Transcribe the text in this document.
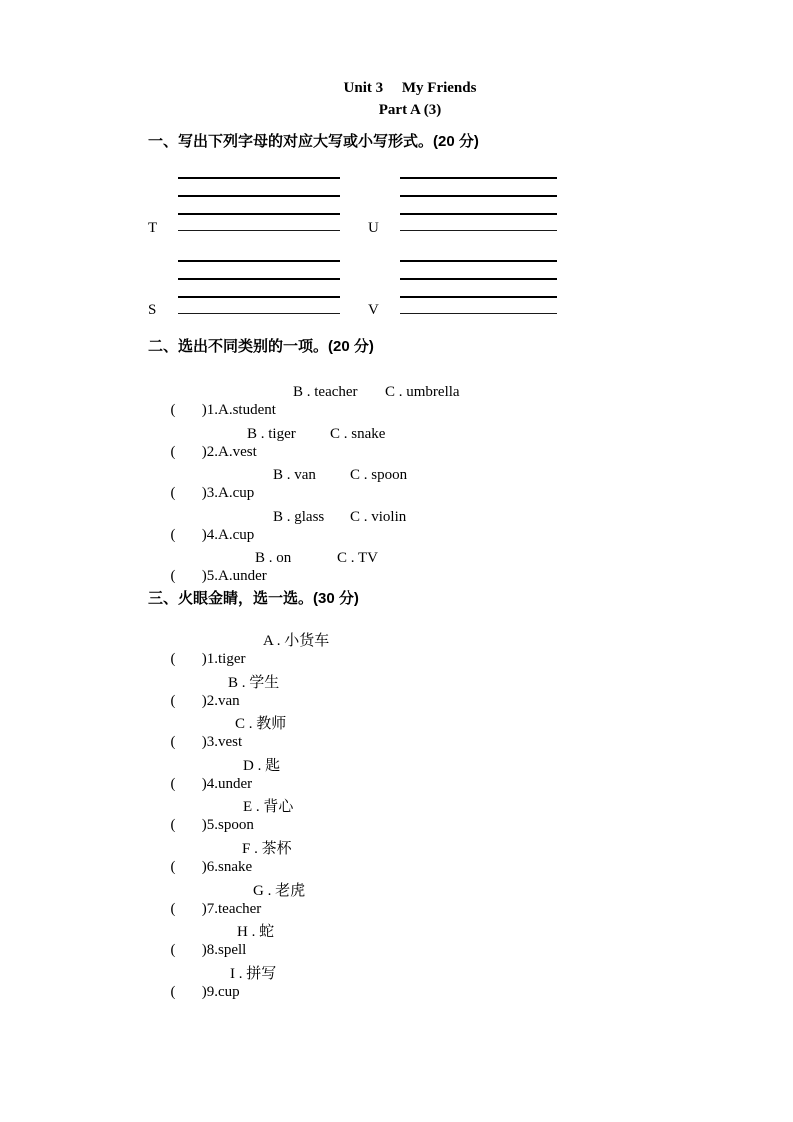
Unit 3     My Friends
Part A (3)
一、写出下列字母的对应大写或小写形式。(20 分)
T	U
S	V
二、选出不同类别的一项。(20 分)

(       )1.A.student

B . teacher

C . umbrella

(       )2.A.vest

B . tiger

C . snake

(       )3.A.cup

B . van

C . spoon

(       )4.A.cup

B . glass

C . violin

(       )5.A.under

B . on

	C . TV

三、火眼金睛，选一选。(30 分)

(       )1.tiger

A . 小货车

(       )2.van

B . 学生

(       )3.vest

C . 教师

(       )4.under

D . 匙

(       )5.spoon

E . 背心

(       )6.snake

F . 茶杯

(       )7.teacher

G . 老虎

(       )8.spell

H . 蛇

(       )9.cup

I . 拼写
